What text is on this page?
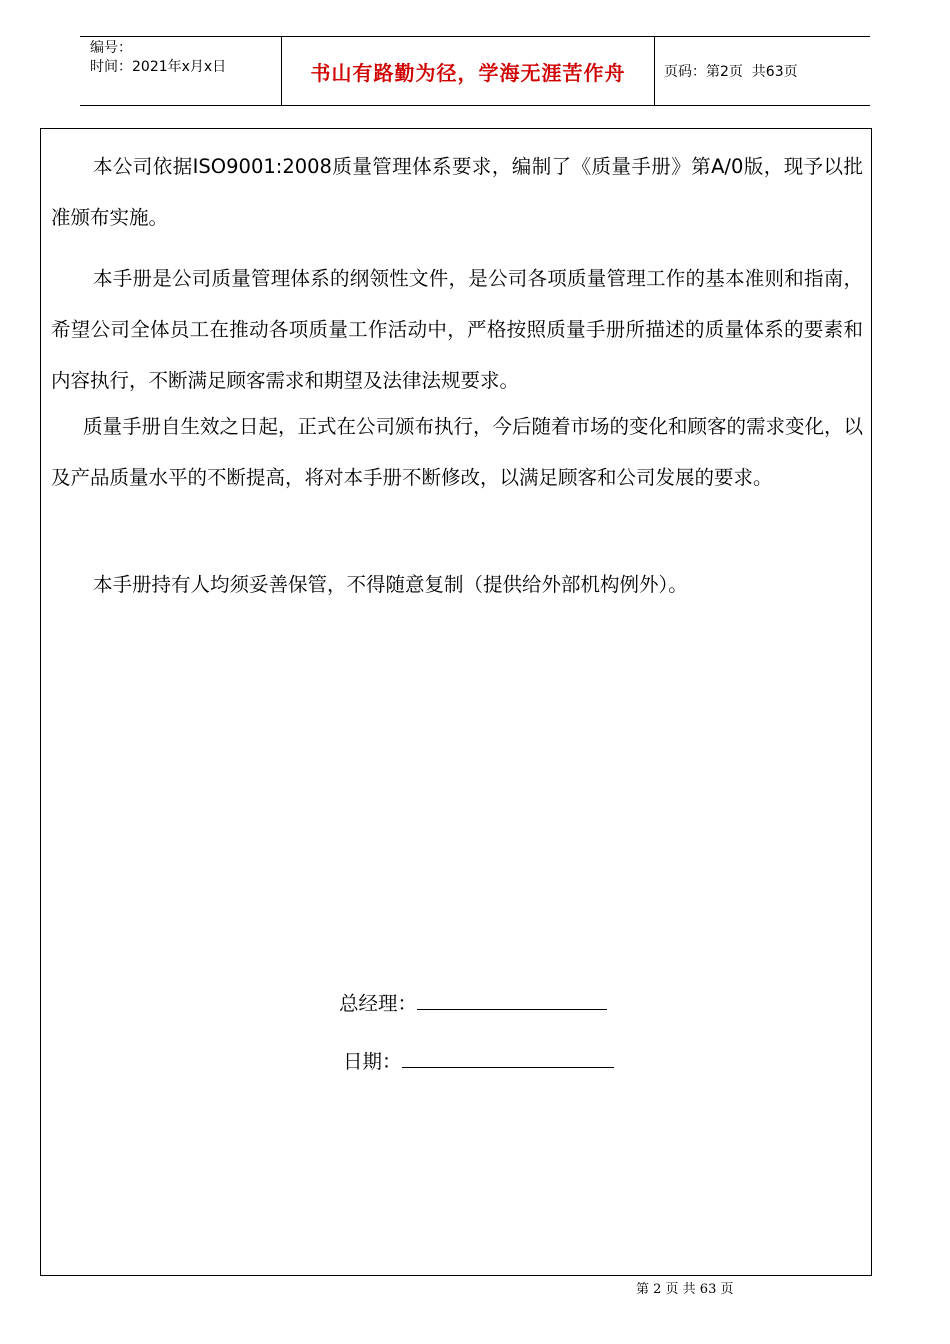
编号：
时间：2021年x月x日	书山有路勤为径，学海无涯苦作舟	页码：第2页  共63页
本公司依据ISO9001:2008质量管理体系要求，编制了《质量手册》第A/0版，现予以批准颁布实施。
本手册是公司质量管理体系的纲领性文件，是公司各项质量管理工作的基本准则和指南，希望公司全体员工在推动各项质量工作活动中，严格按照质量手册所描述的质量体系的要素和内容执行，不断满足顾客需求和期望及法律法规要求。
质量手册自生效之日起，正式在公司颁布执行，今后随着市场的变化和顾客的需求变化，以及产品质量水平的不断提高，将对本手册不断修改，以满足顾客和公司发展的要求。
本手册持有人均须妥善保管，不得随意复制（提供给外部机构例外）。
总经理：
日期：
第 2 页 共 63 页
